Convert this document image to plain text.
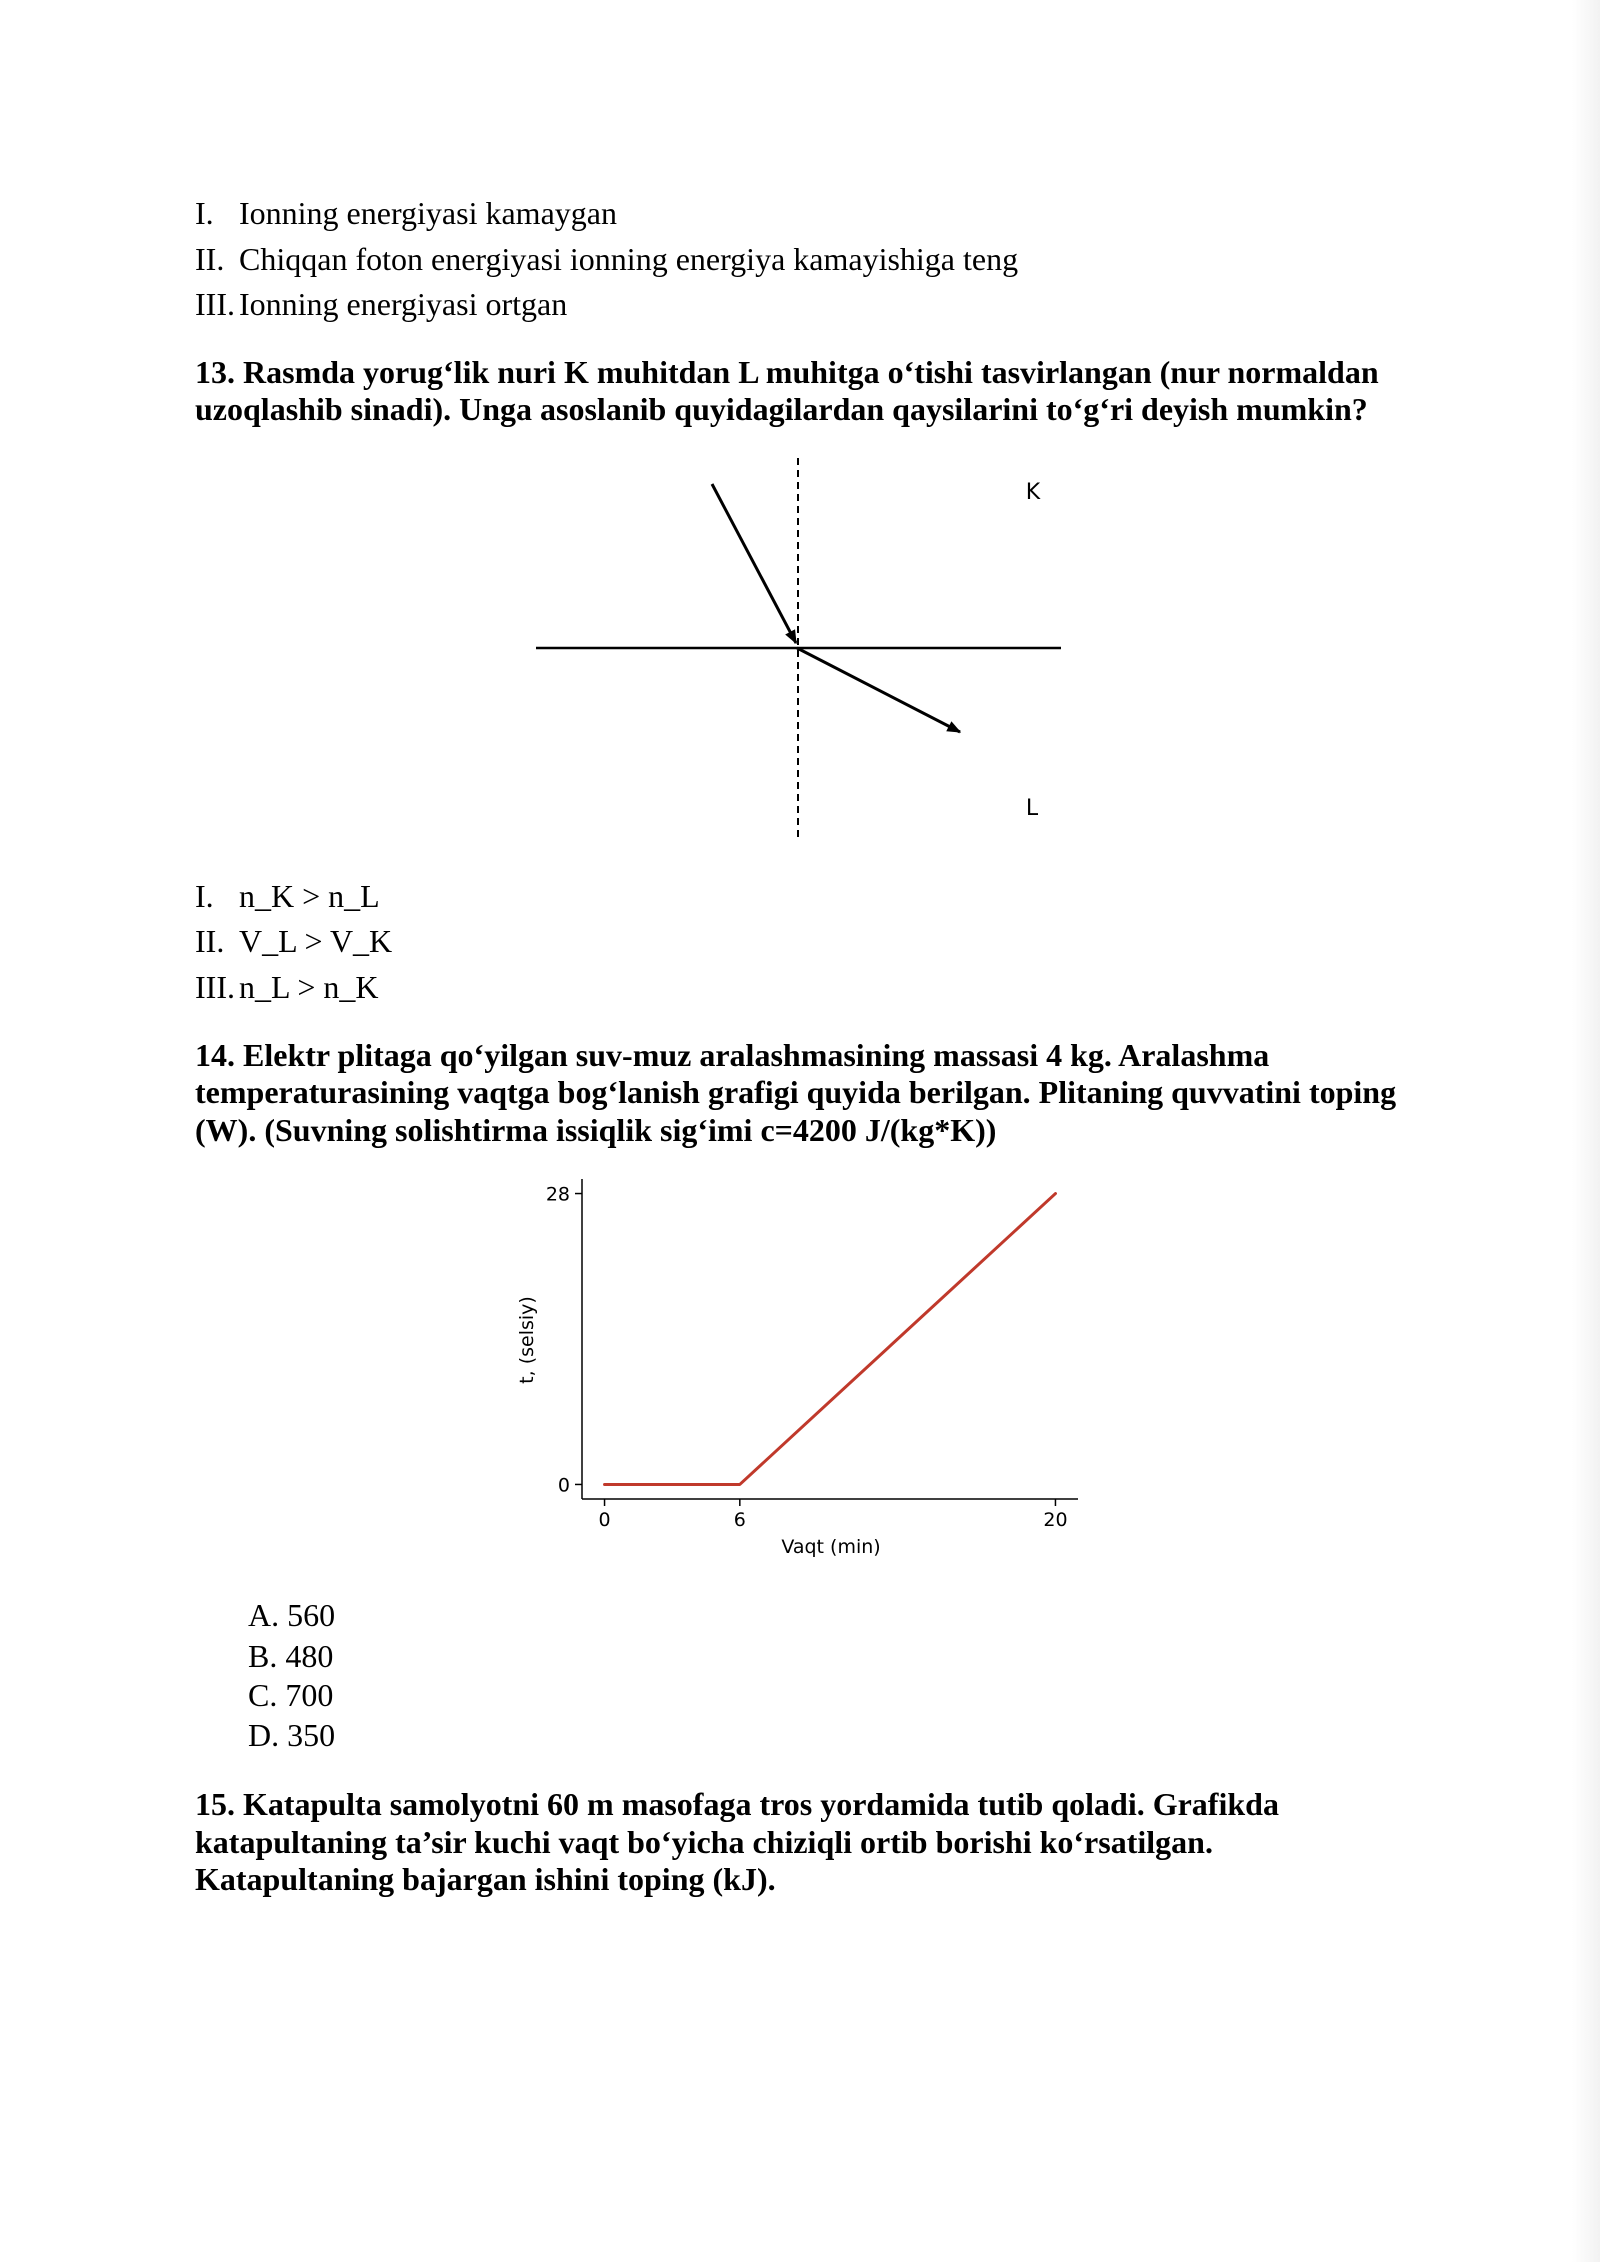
I. Ionning energiyasi kamaygan
II. Chiqqan foton energiyasi ionning energiya kamayishiga teng
III. Ionning energiyasi ortgan
13. Rasmda yorug‘lik nuri K muhitdan L muhitga o‘tishi tasvirlangan (nur normaldan
uzoqlashib sinadi). Unga asoslanib quyidagilardan qaysilarini to‘g‘ri deyish mumkin?
K
L
I. n_K > n_L
II. V_L > V_K
III. n_L > n_K
14. Elektr plitaga qo‘yilgan suv-muz aralashmasining massasi 4 kg. Aralashma
temperaturasining vaqtga bog‘lanish grafigi quyida berilgan. Plitaning quvvatini toping
(W). (Suvning solishtirma issiqlik sig‘imi c=4200 J/(kg*K))
Vaqt (min)
t, (selsiy)
0	6	20
0
28
A. 560
B. 480
C. 700
D. 350
15. Katapulta samolyotni 60 m masofaga tros yordamida tutib qoladi. Grafikda
katapultaning ta’sir kuchi vaqt bo‘yicha chiziqli ortib borishi ko‘rsatilgan.
Katapultaning bajargan ishini toping (kJ).
